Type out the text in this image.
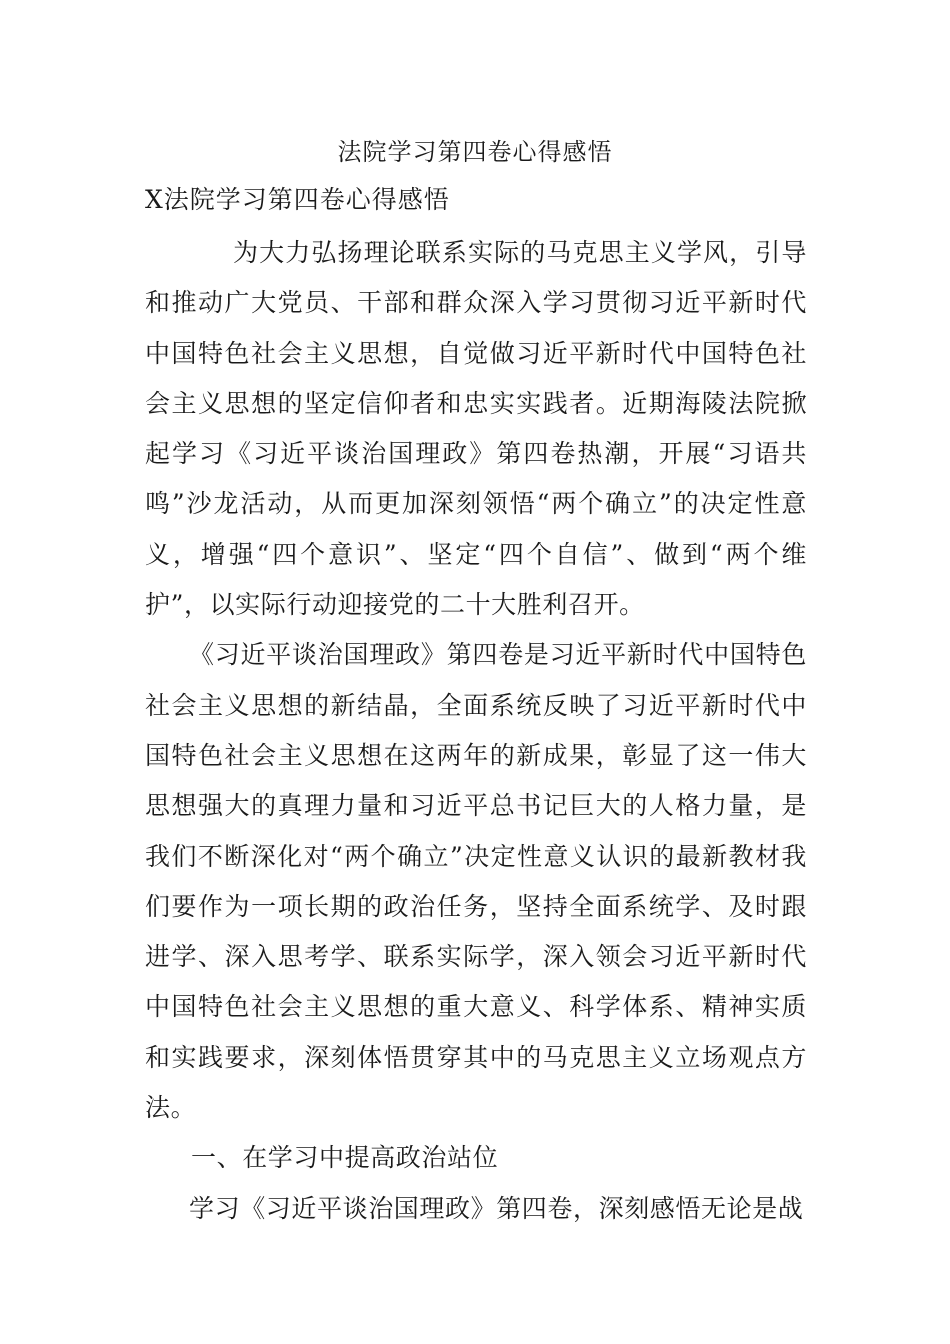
法院学习第四卷心得感悟
X法院学习第四卷心得感悟

为大力弘扬理论联系实际的马克思主义学风，引导和推动广大党员、干部和群众深入学习贯彻习近平新时代中国特色社会主义思想，自觉做习近平新时代中国特色社会主义思想的坚定信仰者和忠实实践者。近期海陵法院掀起学习《习近平谈治国理政》第四卷热潮，开展“习语共鸣”沙龙活动，从而更加深刻领悟“两个确立”的决定性意义，增强“四个意识”、坚定“四个自信”、做到“两个维护”，以实际行动迎接党的二十大胜利召开。

《习近平谈治国理政》第四卷是习近平新时代中国特色社会主义思想的新结晶，全面系统反映了习近平新时代中国特色社会主义思想在这两年的新成果，彰显了这一伟大思想强大的真理力量和习近平总书记巨大的人格力量，是我们不断深化对“两个确立”决定性意义认识的最新教材我们要作为一项长期的政治任务，坚持全面系统学、及时跟进学、深入思考学、联系实际学，深入领会习近平新时代中国特色社会主义思想的重大意义、科学体系、精神实质和实践要求，深刻体悟贯穿其中的马克思主义立场观点方法。

一、在学习中提高政治站位

学习《习近平谈治国理政》第四卷，深刻感悟无论是战
